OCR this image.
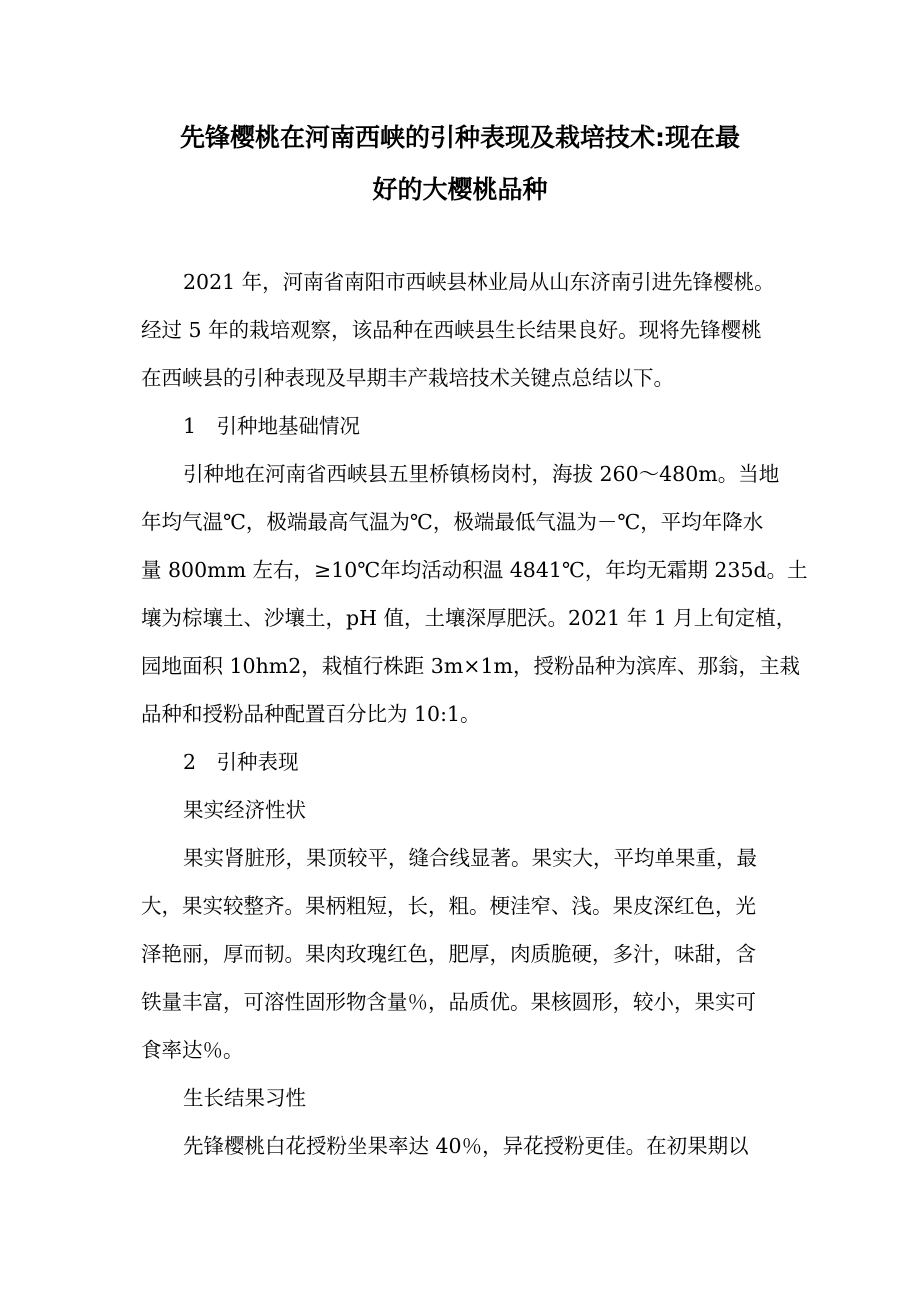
先锋樱桃在河南西峡的引种表现及栽培技术:现在最
好的大樱桃品种

2021 年，河南省南阳市西峡县林业局从山东济南引进先锋樱桃。

经过 5 年的栽培观察，该品种在西峡县生长结果良好。现将先锋樱桃

在西峡县的引种表现及早期丰产栽培技术关键点总结以下。

1　引种地基础情况

引种地在河南省西峡县五里桥镇杨岗村，海拔 260～480m。当地

年均气温℃，极端最高气温为℃，极端最低气温为－℃，平均年降水

量 800mm 左右，≥10℃年均活动积温 4841℃，年均无霜期 235d。土

壤为棕壤土、沙壤土，pH 值，土壤深厚肥沃。2021 年 1 月上旬定植，

园地面积 10hm2，栽植行株距 3m×1m，授粉品种为滨库、那翁，主栽

品种和授粉品种配置百分比为 10:1。

2　引种表现

果实经济性状

果实肾脏形，果顶较平，缝合线显著。果实大，平均单果重，最

大，果实较整齐。果柄粗短，长，粗。梗洼窄、浅。果皮深红色，光

泽艳丽，厚而韧。果肉玫瑰红色，肥厚，肉质脆硬，多汁，味甜，含

铁量丰富，可溶性固形物含量％，品质优。果核圆形，较小，果实可

食率达％。

生长结果习性

先锋樱桃白花授粉坐果率达 40％，异花授粉更佳。在初果期以
